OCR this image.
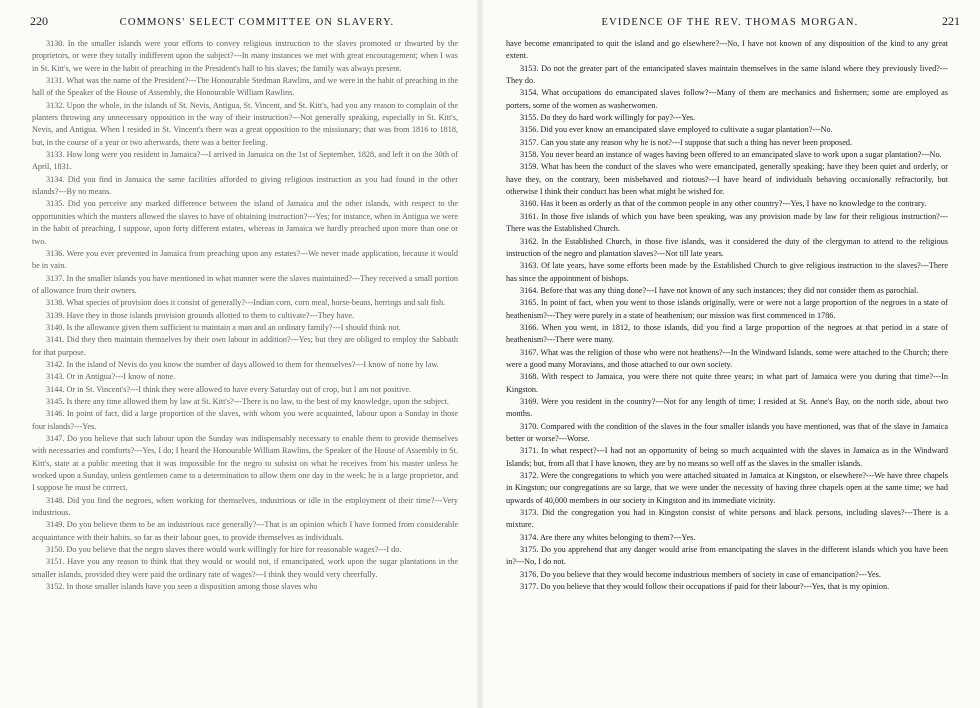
220	COMMONS' SELECT COMMITTEE ON SLAVERY.

3130. In the smaller islands were your efforts to convey religious instruction to the slaves promoted or thwarted by the proprietors, or were they totally indifferent upon the subject?---In many instances we met with great encouragement; when I was in St. Kitt's, we were in the habit of preaching in the President's hall to his slaves; the family was always present.

3131. What was the name of the President?---The Honourable Stedman Rawlins, and we were in the habit of preaching in the hall of the Speaker of the House of Assembly, the Honourable William Rawlins.

3132. Upon the whole, in the islands of St. Nevis, Antigua, St. Vincent, and St. Kitt's, had you any reason to complain of the planters throwing any unnecessary opposition in the way of their instruction?---Not generally speaking, especially in St. Kitt's, Nevis, and Antigua. When I resided in St. Vincent's there was a great opposition to the missionary; that was from 1816 to 1818, but, in the course of a year or two afterwards, there was a better feeling.

3133. How long were you resident in Jamaica?---I arrived in Jamaica on the 1st of September, 1828, and left it on the 30th of April, 1831.

3134. Did you find in Jamaica the same facilities afforded to giving religious instruction as you had found in the other islands?---By no means.

3135. Did you perceive any marked difference between the island of Jamaica and the other islands, with respect to the opportunities which the masters allowed the slaves to have of obtaining instruction?---Yes; for instance, when in Antigua we were in the habit of preaching, I suppose, upon forty different estates, whereas in Jamaica we hardly preached upon more than one or two.

3136. Were you ever prevented in Jamaica from preaching upon any estates?---We never made application, because it would be in vain.

3137. In the smaller islands you have mentioned in what manner were the slaves maintained?---They received a small portion of allowance from their owners.

3138. What species of provision does it consist of generally?---Indian corn, corn meal, horse-beans, herrings and salt fish.

3139. Have they in those islands provision grounds allotted to them to cultivate?---They have.

3140. Is the allowance given them sufficient to maintain a man and an ordinary family?---I should think not.

3141. Did they then maintain themselves by their own labour in addition?---Yes; but they are obliged to employ the Sabbath for that purpose.

3142. In the island of Nevis do you know the number of days allowed to them for themselves?---I know of none by law.

3143. Or in Antigua?---I know of none.

3144. Or in St. Vincent's?---I think they were allowed to have every Saturday out of crop, but I am not positive.

3145. Is there any time allowed them by law at St. Kitt's?---There is no law, to the best of my knowledge, upon the subject.

3146. In point of fact, did a large proportion of the slaves, with whom you were acquainted, labour upon a Sunday in those four islands?---Yes.

3147. Do you believe that such labour upon the Sunday was indispensably necessary to enable them to provide themselves with necessaries and comforts?---Yes, I do; I heard the Honourable William Rawlins, the Speaker of the House of Assembly in St. Kitt's, state at a public meeting that it was impossible for the negro to subsist on what he receives from his master unless he worked upon a Sunday, unless gentlemen came to a determination to allow them one day in the week; he is a large proprietor, and I suppose he must be correct.

3148. Did you find the negroes, when working for themselves, industrious or idle in the employment of their time?---Very industrious.

3149. Do you believe them to be an industrious race generally?---That is an opinion which I have formed from considerable acquaintance with their habits, so far as their labour goes, to provide themselves as individuals.

3150. Do you believe that the negro slaves there would work willingly for hire for reasonable wages?---I do.

3151. Have you any reason to think that they would or would not, if emancipated, work upon the sugar plantations in the smaller islands, provided they were paid the ordinary rate of wages?---I think they would very cheerfully.

3152. In those smaller islands have you seen a disposition among those slaves who

EVIDENCE OF THE REV. THOMAS MORGAN.	221

have become emancipated to quit the island and go elsewhere?---No, I have not known of any disposition of the kind to any great extent.

3153. Do not the greater part of the emancipated slaves maintain themselves in the same island where they previously lived?---They do.

3154. What occupations do emancipated slaves follow?---Many of them are mechanics and fishermen; some are employed as porters, some of the women as washerwomen.

3155. Do they do hard work willingly for pay?---Yes.

3156. Did you ever know an emancipated slave employed to cultivate a sugar plantation?---No.

3157. Can you state any reason why he is not?---I suppose that such a thing has never been proposed.

3158. You never heard an instance of wages having been offered to an emancipated slave to work upon a sugar plantation?---No.

3159. What has been the conduct of the slaves who were emancipated, generally speaking; have they been quiet and orderly, or have they, on the contrary, been misbehaved and riotous?---I have heard of individuals behaving occasionally refractorily, but otherwise I think their conduct has been what might be wished for.

3160. Has it been as orderly as that of the common people in any other country?---Yes, I have no knowledge to the contrary.

3161. In those five islands of which you have been speaking, was any provision made by law for their religious instruction?---There was the Established Church.

3162. In the Established Church, in those five islands, was it considered the duty of the clergyman to attend to the religious instruction of the negro and plantation slaves?---Not till late years.

3163. Of late years, have some efforts been made by the Established Church to give religious instruction to the slaves?---There has since the appointment of bishops.

3164. Before that was any thing done?---I have not known of any such instances; they did not consider them as parochial.

3165. In point of fact, when you went to those islands originally, were or were not a large proportion of the negroes in a state of heathenism?---They were purely in a state of heathenism; our mission was first commenced in 1786.

3166. When you went, in 1812, to those islands, did you find a large proportion of the negroes at that period in a state of heathenism?---There were many.

3167. What was the religion of those who were not heathens?---In the Windward Islands, some were attached to the Church; there were a good many Moravians, and those attached to our own society.

3168. With respect to Jamaica, you were there not quite three years; in what part of Jamaica were you during that time?---In Kingston.

3169. Were you resident in the country?---Not for any length of time; I resided at St. Anne's Bay, on the north side, about two months.

3170. Compared with the condition of the slaves in the four smaller islands you have mentioned, was that of the slave in Jamaica better or worse?---Worse.

3171. In what respect?---I had not an opportunity of being so much acquainted with the slaves in Jamaica as in the Windward Islands; but, from all that I have known, they are by no means so well off as the slaves in the smaller islands.

3172. Were the congregations to which you were attached situated in Jamaica at Kingston, or elsewhere?---We have three chapels in Kingston; our congregations are so large, that we were under the necessity of having three chapels open at the same time; we had upwards of 40,000 members in our society in Kingston and its immediate vicinity.

3173. Did the congregation you had in Kingston consist of white persons and black persons, including slaves?---There is a mixture.

3174. Are there any whites belonging to them?---Yes.

3175. Do you apprehend that any danger would arise from emancipating the slaves in the different islands which you have been in?---No, I do not.

3176. Do you believe that they would become industrious members of society in case of emancipation?---Yes.

3177. Do you believe that they would follow their occupations if paid for their labour?---Yes, that is my opinion.
